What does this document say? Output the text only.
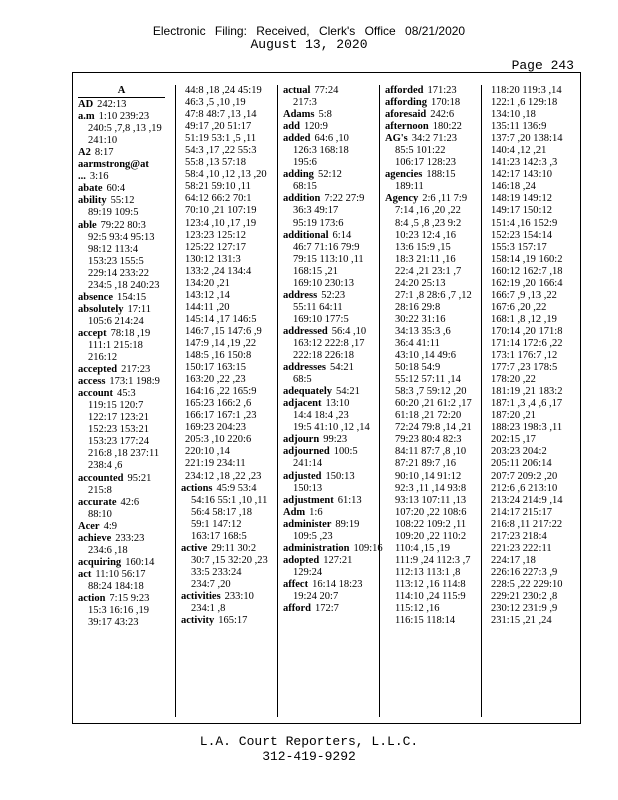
Electronic Filing: Received, Clerk's Office 08/21/2020
August 13, 2020
Page 243
A
AD 242:13
a.m 1:10 239:23
240:5 ,7,8 ,13 ,19
241:10
A2 8:17
aarmstrong@at ... 3:16
abate 60:4
ability 55:12
89:19 109:5
able 79:22 80:3
92:5 93:4 95:13
98:12 113:4
153:23 155:5
229:14 233:22
234:5 ,18 240:23
absence 154:15
absolutely 17:11
105:6 214:24
accept 78:18 ,19
111:1 215:18
216:12
accepted 217:23
access 173:1 198:9
account 45:3
119:15 120:7
122:17 123:21
152:23 153:21
153:23 177:24
216:8 ,18 237:11
238:4 ,6
accounted 95:21
215:8
accurate 42:6
88:10
Acer 4:9
achieve 233:23
234:6 ,18
acquiring 160:14
act 11:10 56:17
88:24 184:18
action 7:15 9:23
15:3 16:16 ,19
39:17 43:23
44:8 ,18 ,24 45:19
46:3 ,5 ,10 ,19
47:8 48:7 ,13 ,14
49:17 ,20 51:17
51:19 53:1 ,5 ,11
54:3 ,17 ,22 55:3
55:8 ,13 57:18
58:4 ,10 ,12 ,13 ,20
58:21 59:10 ,11
64:12 66:2 70:1
70:10 ,21 107:19
123:4 ,10 ,17 ,19
123:23 125:12
125:22 127:17
130:12 131:3
133:2 ,24 134:4
134:20 ,21
143:12 ,14
144:11 ,20
145:14 ,17 146:5
146:7 ,15 147:6 ,9
147:9 ,14 ,19 ,22
148:5 ,16 150:8
150:17 163:15
163:20 ,22 ,23
164:16 ,22 165:9
165:23 166:2 ,6
166:17 167:1 ,23
169:23 204:23
205:3 ,10 220:6
220:10 ,14
221:19 234:11
234:12 ,18 ,22 ,23
actions 45:9 53:4
54:16 55:1 ,10 ,11
56:4 58:17 ,18
59:1 147:12
163:17 168:5
active 29:11 30:2
30:7 ,15 32:20 ,23
33:5 233:24
234:7 ,20
activities 233:10
234:1 ,8
activity 165:17
actual 77:24
217:3
Adams 5:8
add 120:9
added 64:6 ,10
126:3 168:18
195:6
adding 52:12
68:15
addition 7:22 27:9
36:3 49:17
95:19 173:6
additional 6:14
46:7 71:16 79:9
79:15 113:10 ,11
168:15 ,21
169:10 230:13
address 52:23
55:11 64:11
169:10 177:5
addressed 56:4 ,10
163:12 222:8 ,17
222:18 226:18
addresses 54:21
68:5
adequately 54:21
adjacent 13:10
14:4 18:4 ,23
19:5 41:10 ,12 ,14
adjourn 99:23
adjourned 100:5
241:14
adjusted 150:13
150:13
adjustment 61:13
Adm 1:6
administer 89:19
109:5 ,23
administration 109:16
adopted 127:21
129:24
affect 16:14 18:23
19:24 20:7
afford 172:7
afforded 171:23
affording 170:18
aforesaid 242:6
afternoon 180:22
AG's 34:2 71:23
85:5 101:22
106:17 128:23
agencies 188:15
189:11
Agency 2:6 ,11 7:9
7:14 ,16 ,20 ,22
8:4 ,5 ,8 ,23 9:2
10:23 12:4 ,16
13:6 15:9 ,15
18:3 21:11 ,16
22:4 ,21 23:1 ,7
24:20 25:13
27:1 ,8 28:6 ,7 ,12
28:16 29:8
30:22 31:16
34:13 35:3 ,6
36:4 41:11
43:10 ,14 49:6
50:18 54:9
55:12 57:11 ,14
58:3 ,7 59:12 ,20
60:20 ,21 61:2 ,17
61:18 ,21 72:20
72:24 79:8 ,14 ,21
79:23 80:4 82:3
84:11 87:7 ,8 ,10
87:21 89:7 ,16
90:10 ,14 91:12
92:3 ,11 ,14 93:8
93:13 107:11 ,13
107:20 ,22 108:6
108:22 109:2 ,11
109:20 ,22 110:2
110:4 ,15 ,19
111:9 ,24 112:3 ,7
112:13 113:1 ,8
113:12 ,16 114:8
114:10 ,24 115:9
115:12 ,16
116:15 118:14
118:20 119:3 ,14
122:1 ,6 129:18
134:10 ,18
135:11 136:9
137:7 ,20 138:14
140:4 ,12 ,21
141:23 142:3 ,3
142:17 143:10
146:18 ,24
148:19 149:12
149:17 150:12
151:4 ,16 152:9
152:23 154:14
155:3 157:17
158:14 ,19 160:2
160:12 162:7 ,18
162:19 ,20 166:4
166:7 ,9 ,13 ,22
167:6 ,20 ,22
168:1 ,8 ,12 ,19
170:14 ,20 171:8
171:14 172:6 ,22
173:1 176:7 ,12
177:7 ,23 178:5
178:20 ,22
181:19 ,21 183:2
187:1 ,3 ,4 ,6 ,17
187:20 ,21
188:23 198:3 ,11
202:15 ,17
203:23 204:2
205:11 206:14
207:7 209:2 ,20
212:6 ,6 213:10
213:24 214:9 ,14
214:17 215:17
216:8 ,11 217:22
217:23 218:4
221:23 222:11
224:17 ,18
226:16 227:3 ,9
228:5 ,22 229:10
229:21 230:2 ,8
230:12 231:9 ,9
231:15 ,21 ,24
L.A. Court Reporters, L.L.C.
312-419-9292
